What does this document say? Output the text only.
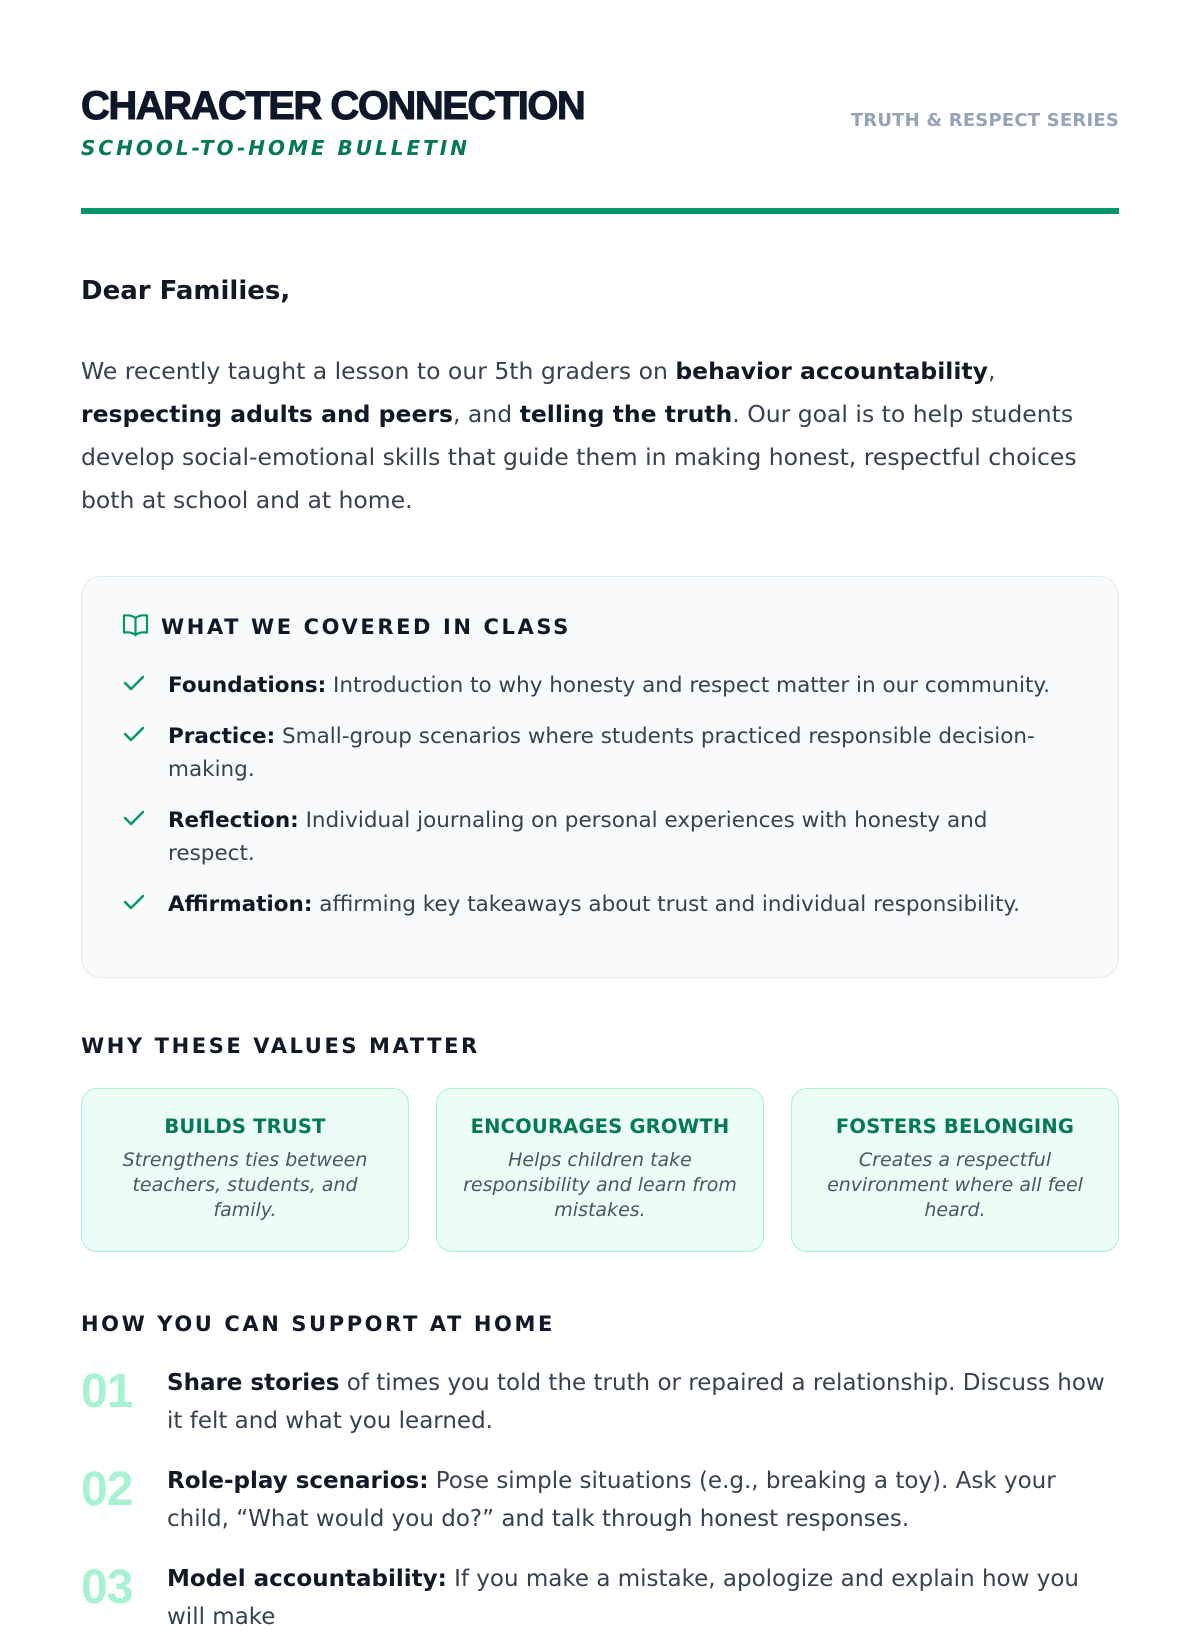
CHARACTER CONNECTION
SCHOOL-TO-HOME BULLETIN
TRUTH & RESPECT SERIES
Dear Families,

We recently taught a lesson to our 5th graders on behavior accountability, respecting adults and peers, and telling the truth. Our goal is to help students develop social-emotional skills that guide them in making honest, respectful choices both at school and at home.

WHAT WE COVERED IN CLASS
Foundations: Introduction to why honesty and respect matter in our community.
Practice: Small-group scenarios where students practiced responsible decision-making.
Reflection: Individual journaling on personal experiences with honesty and respect.
Affirmation: affirming key takeaways about trust and individual responsibility.
WHY THESE VALUES MATTER
BUILDS TRUST
Strengthens ties between teachers, students, and family.
ENCOURAGES GROWTH
Helps children take responsibility and learn from mistakes.
FOSTERS BELONGING
Creates a respectful environment where all feel heard.
HOW YOU CAN SUPPORT AT HOME
01	Share stories of times you told the truth or repaired a relationship. Discuss how it felt and what you learned.
02	Role-play scenarios: Pose simple situations (e.g., breaking a toy). Ask your child, “What would you do?” and talk through honest responses.
03	Model accountability: If you make a mistake, apologize and explain how you will make
